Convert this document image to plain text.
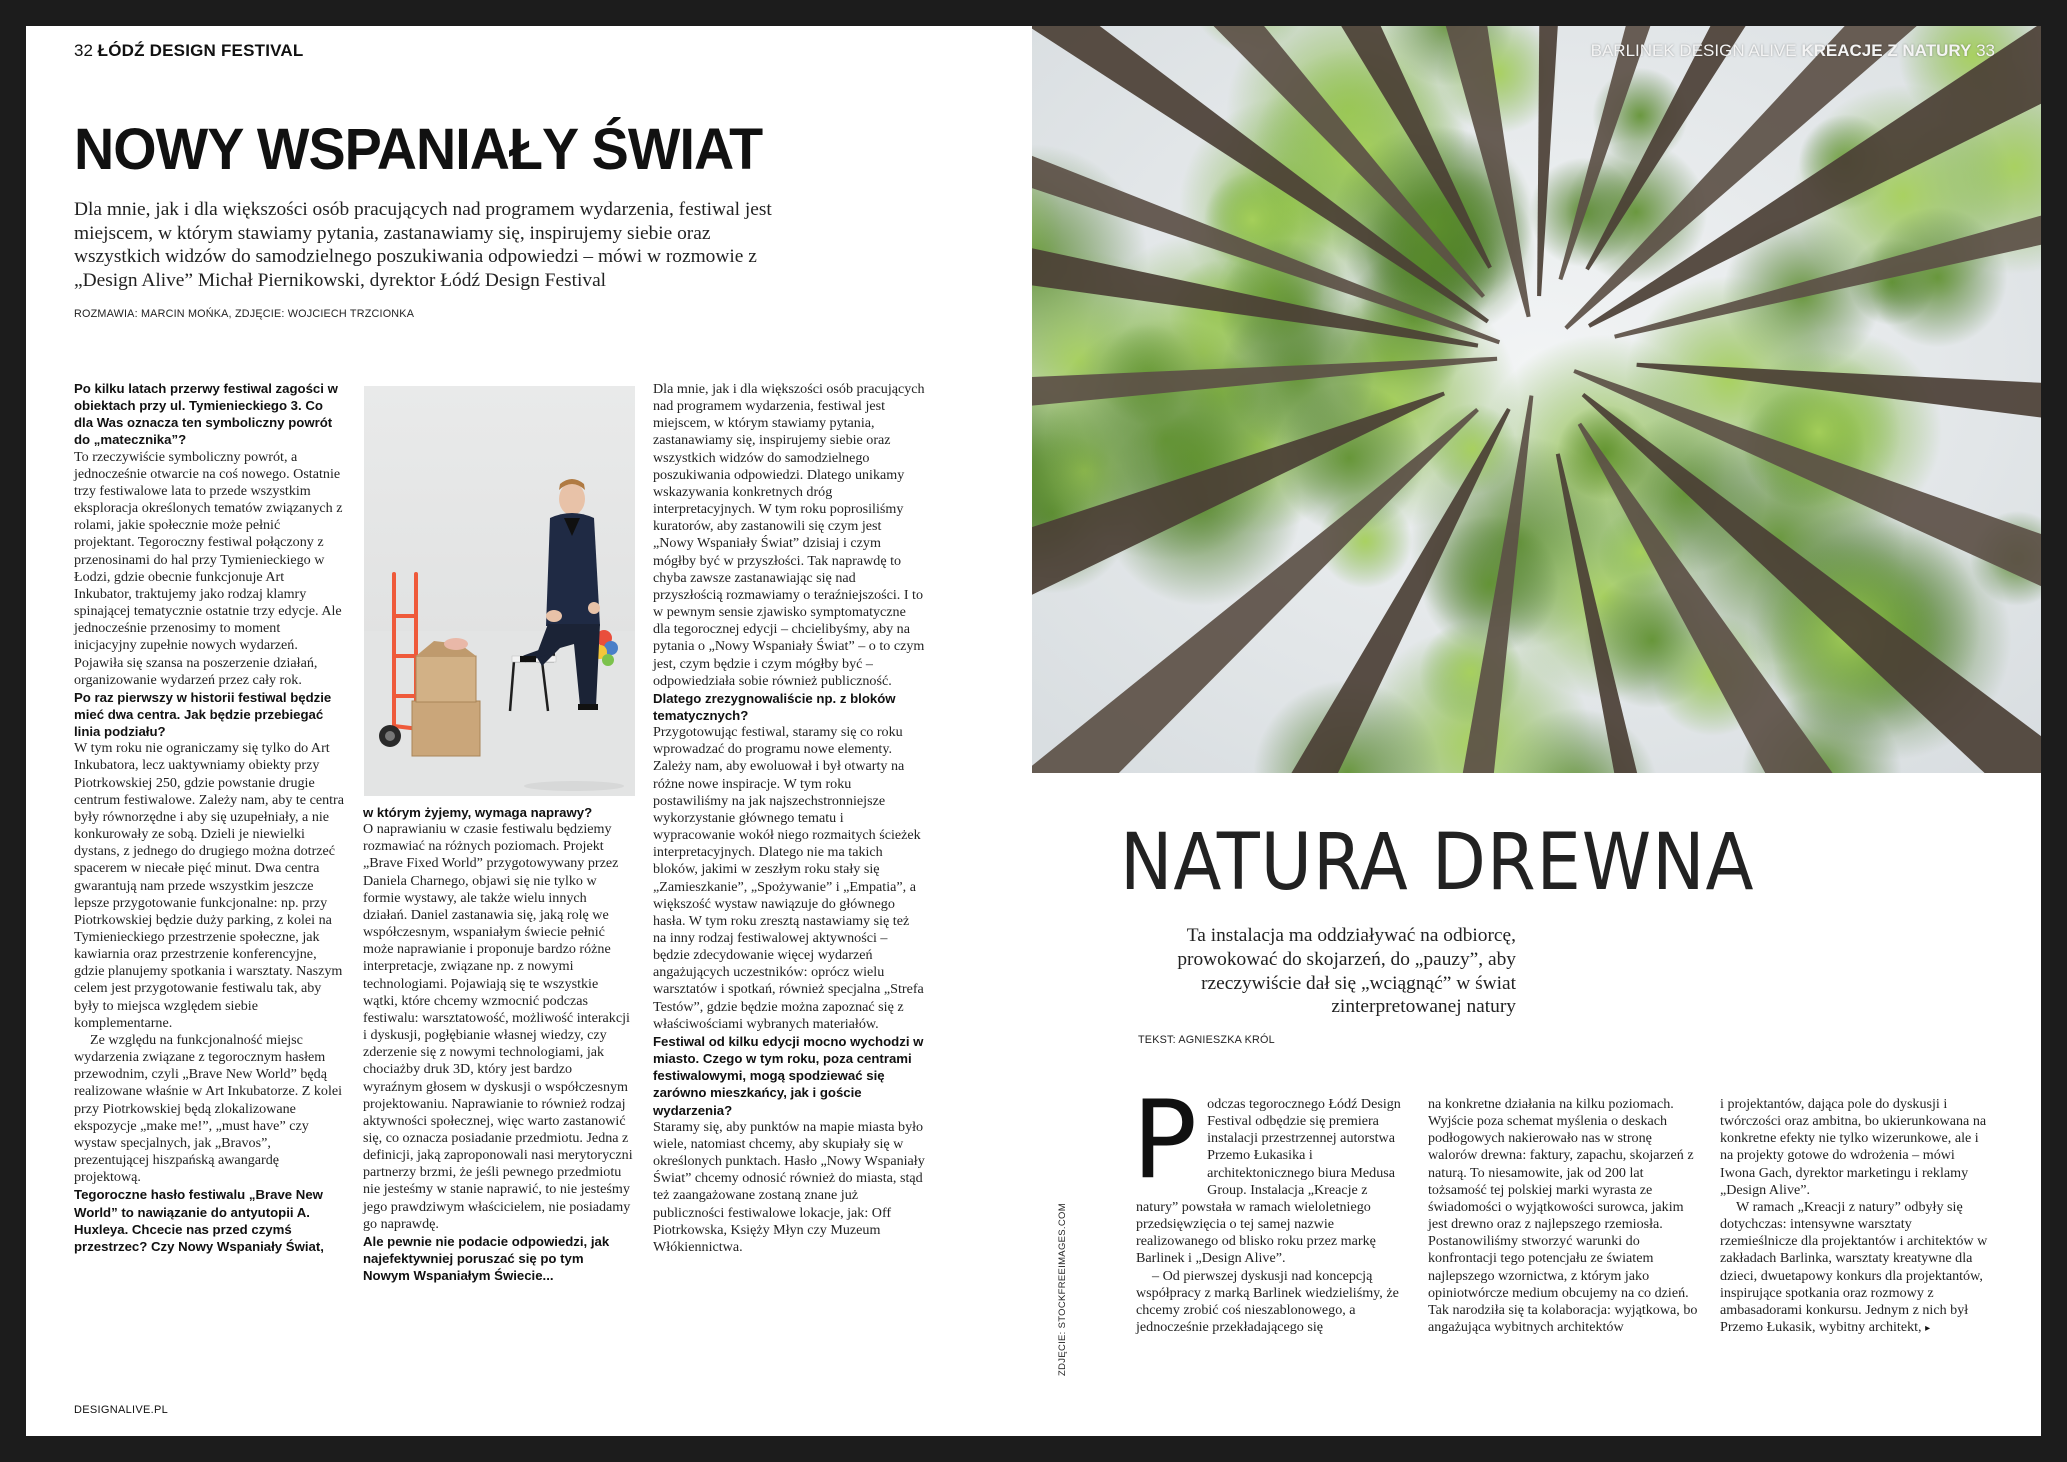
32 ŁÓDŹ DESIGN FESTIVAL
NOWY WSPANIAŁY ŚWIAT

Dla mnie, jak i dla większości osób pracujących nad programem wydarzenia, festiwal jest miejscem, w którym stawiamy pytania, zastanawiamy się, inspirujemy siebie oraz wszystkich widzów do samodzielnego poszukiwania odpowiedzi – mówi w rozmowie z „Design Alive” Michał Piernikowski, dyrektor Łódź Design Festival

ROZMAWIA: MARCIN MOŃKA, ZDJĘCIE: WOJCIECH TRZCIONKA

Po kilku latach przerwy festiwal zagości w obiektach przy ul. Tymienieckiego 3. Co dla Was oznacza ten symboliczny powrót do „matecznika”?

To rzeczywiście symboliczny powrót, a jednocześnie otwarcie na coś nowego. Ostatnie trzy festiwalowe lata to przede wszystkim eksploracja określonych tematów związanych z rolami, jakie społecznie może pełnić projektant. Tegoroczny festiwal połączony z przenosinami do hal przy Tymienieckiego w Łodzi, gdzie obecnie funkcjonuje Art Inkubator, traktujemy jako rodzaj klamry spinającej tematycznie ostatnie trzy edycje. Ale jednocześnie przenosimy to moment inicjacyjny zupełnie nowych wydarzeń. Pojawiła się szansa na poszerzenie działań, organizowanie wydarzeń przez cały rok.

Po raz pierwszy w historii festiwal będzie mieć dwa centra. Jak będzie przebiegać linia podziału?

W tym roku nie ograniczamy się tylko do Art Inkubatora, lecz uaktywniamy obiekty przy Piotrkowskiej 250, gdzie powstanie drugie centrum festiwalowe. Zależy nam, aby te centra były równorzędne i aby się uzupełniały, a nie konkurowały ze sobą. Dzieli je niewielki dystans, z jednego do drugiego można dotrzeć spacerem w niecałe pięć minut. Dwa centra gwarantują nam przede wszystkim jeszcze lepsze przygotowanie funkcjonalne: np. przy Piotrkowskiej będzie duży parking, z kolei na Tymienieckiego przestrzenie społeczne, jak kawiarnia oraz przestrzenie konferencyjne, gdzie planujemy spotkania i warsztaty. Naszym celem jest przygotowanie festiwalu tak, aby były to miejsca względem siebie komplementarne.

Ze względu na funkcjonalność miejsc wydarzenia związane z tegorocznym hasłem przewodnim, czyli „Brave New World” będą realizowane właśnie w Art Inkubatorze. Z kolei przy Piotrkowskiej będą zlokalizowane ekspozycje „make me!”, „must have” czy wystaw specjalnych, jak „Bravos”, prezentującej hiszpańską awangardę projektową.

Tegoroczne hasło festiwalu „Brave New World” to nawiązanie do antyutopii A. Huxleya. Chcecie nas przed czymś przestrzec? Czy Nowy Wspaniały Świat,

w którym żyjemy, wymaga naprawy?

O naprawianiu w czasie festiwalu będziemy rozmawiać na różnych poziomach. Projekt „Brave Fixed World” przygotowywany przez Daniela Charnego, objawi się nie tylko w formie wystawy, ale także wielu innych działań. Daniel zastanawia się, jaką rolę we współczesnym, wspaniałym świecie pełnić może naprawianie i proponuje bardzo różne interpretacje, związane np. z nowymi technologiami. Pojawiają się te wszystkie wątki, które chcemy wzmocnić podczas festiwalu: warsztatowość, możliwość interakcji i dyskusji, pogłębianie własnej wiedzy, czy zderzenie się z nowymi technologiami, jak chociażby druk 3D, który jest bardzo wyraźnym głosem w dyskusji o współczesnym projektowaniu. Naprawianie to również rodzaj aktywności społecznej, więc warto zastanowić się, co oznacza posiadanie przedmiotu. Jedna z definicji, jaką zaproponowali nasi merytoryczni partnerzy brzmi, że jeśli pewnego przedmiotu nie jesteśmy w stanie naprawić, to nie jesteśmy jego prawdziwym właścicielem, nie posiadamy go naprawdę.

Ale pewnie nie podacie odpowiedzi, jak najefektywniej poruszać się po tym Nowym Wspaniałym Świecie...

Dla mnie, jak i dla większości osób pracujących nad programem wydarzenia, festiwal jest miejscem, w którym stawiamy pytania, zastanawiamy się, inspirujemy siebie oraz wszystkich widzów do samodzielnego poszukiwania odpowiedzi. Dlatego unikamy wskazywania konkretnych dróg interpretacyjnych. W tym roku poprosiliśmy kuratorów, aby zastanowili się czym jest „Nowy Wspaniały Świat” dzisiaj i czym mógłby być w przyszłości. Tak naprawdę to chyba zawsze zastanawiając się nad przyszłością rozmawiamy o teraźniejszości. I to w pewnym sensie zjawisko symptomatyczne dla tegorocznej edycji – chcielibyśmy, aby na pytania o „Nowy Wspaniały Świat” – o to czym jest, czym będzie i czym mógłby być – odpowiedziała sobie również publiczność.

Dlatego zrezygnowaliście np. z bloków tematycznych?

Przygotowując festiwal, staramy się co roku wprowadzać do programu nowe elementy. Zależy nam, aby ewoluował i był otwarty na różne nowe inspiracje. W tym roku postawiliśmy na jak najszechstronniejsze wykorzystanie głównego tematu i wypracowanie wokół niego rozmaitych ścieżek interpretacyjnych. Dlatego nie ma takich bloków, jakimi w zeszłym roku stały się „Zamieszkanie”, „Spożywanie” i „Empatia”, a większość wystaw nawiązuje do głównego hasła. W tym roku zresztą nastawiamy się też na inny rodzaj festiwalowej aktywności – będzie zdecydowanie więcej wydarzeń angażujących uczestników: oprócz wielu warsztatów i spotkań, również specjalna „Strefa Testów”, gdzie będzie można zapoznać się z właściwościami wybranych materiałów.

Festiwal od kilku edycji mocno wychodzi w miasto. Czego w tym roku, poza centrami festiwalowymi, mogą spodziewać się zarówno mieszkańcy, jak i goście wydarzenia?

Staramy się, aby punktów na mapie miasta było wiele, natomiast chcemy, aby skupiały się w określonych punktach. Hasło „Nowy Wspaniały Świat” chcemy odnosić również do miasta, stąd też zaangażowane zostaną znane już publiczności festiwalowe lokacje, jak: Off Piotrkowska, Księży Młyn czy Muzeum Włókiennictwa.

DESIGNALIVE.PL
BARLINEK DESIGN ALIVE KREACJE Z NATURY 33
NATURA DREWNA

Ta instalacja ma oddziaływać na odbiorcę, prowokować do skojarzeń, do „pauzy”, aby rzeczywiście dał się „wciągnąć” w świat zinterpretowanej natury

TEKST: AGNIESZKA KRÓL
ZDJĘCIE: STOCKFREEIMAGES.COM

Podczas tegorocznego Łódź Design Festival odbędzie się premiera instalacji przestrzennej autorstwa Przemo Łukasika i architektonicznego biura Medusa Group. Instalacja „Kreacje z natury” powstała w ramach wieloletniego przedsięwzięcia o tej samej nazwie realizowanego od blisko roku przez markę Barlinek i „Design Alive”.

– Od pierwszej dyskusji nad koncepcją współpracy z marką Barlinek wiedzieliśmy, że chcemy zrobić coś nieszablonowego, a jednocześnie przekładającego się

na konkretne działania na kilku poziomach. Wyjście poza schemat myślenia o deskach podłogowych nakierowało nas w stronę walorów drewna: faktury, zapachu, skojarzeń z naturą. To niesamowite, jak od 200 lat tożsamość tej polskiej marki wyrasta ze świadomości o wyjątkowości surowca, jakim jest drewno oraz z najlepszego rzemiosła. Postanowiliśmy stworzyć warunki do konfrontacji tego potencjału ze światem najlepszego wzornictwa, z którym jako opiniotwórcze medium obcujemy na co dzień. Tak narodziła się ta kolaboracja: wyjątkowa, bo angażująca wybitnych architektów

i projektantów, dająca pole do dyskusji i twórczości oraz ambitna, bo ukierunkowana na konkretne efekty nie tylko wizerunkowe, ale i na projekty gotowe do wdrożenia – mówi Iwona Gach, dyrektor marketingu i reklamy „Design Alive”.

W ramach „Kreacji z natury” odbyły się dotychczas: intensywne warsztaty rzemieślnicze dla projektantów i architektów w zakładach Barlinka, warsztaty kreatywne dla dzieci, dwuetapowy konkurs dla projektantów, inspirujące spotkania oraz rozmowy z ambasadorami konkursu. Jednym z nich był Przemo Łukasik, wybitny architekt, ▸
